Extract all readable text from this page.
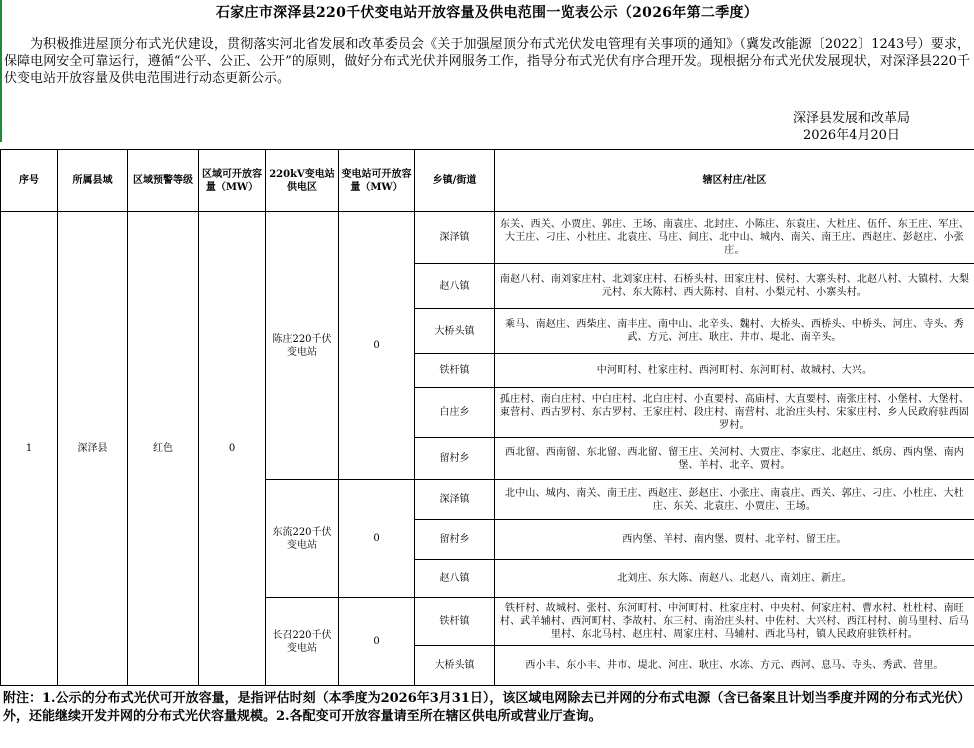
石家庄市深泽县220千伏变电站开放容量及供电范围一览表公示（2026年第二季度）
为积极推进屋顶分布式光伏建设，贯彻落实河北省发展和改革委员会《关于加强屋顶分布式光伏发电管理有关事项的通知》（冀发改能源〔2022〕1243号）要求，保障电网安全可靠运行，遵循“公平、公正、公开”的原则，做好分布式光伏并网服务工作，指导分布式光伏有序合理开发。现根据分布式光伏发展现状，对深泽县220千伏变电站开放容量及供电范围进行动态更新公示。
深泽县发展和改革局
2026年4月20日
序号	所属县域	区域预警等级	区域可开放容量（MW）	220kV变电站供电区	变电站可开放容量（MW）	乡镇/街道	辖区村庄/社区
1	深泽县	红色	0	陈庄220千伏变电站	0	深泽镇	东关、西关、小贾庄、郭庄、王场、南袁庄、北封庄、小陈庄、东袁庄、大杜庄、伍仟、东王庄、军庄、大王庄、刁庄、小杜庄、北袁庄、马庄、间庄、北中山、城内、南关、南王庄、西赵庄、彭赵庄、小张庄。
						赵八镇	南赵八村、南刘家庄村、北刘家庄村、石桥头村、田家庄村、侯村、大寨头村、北赵八村、大镇村、大梨元村、东大陈村、西大陈村、自村、小梨元村、小寨头村。
						大桥头镇	乘马、南赵庄、西柴庄、南丰庄、南中山、北辛头、魏村、大桥头、西桥头、中桥头、河庄、寺头、秀武、方元、河庄、耿庄、井市、堤北、南辛头。
						铁杆镇	中河町村、杜家庄村、西河町村、东河町村、故城村、大兴。
						白庄乡	孤庄村、南白庄村、中白庄村、北白庄村、小直要村、高庙村、大直要村、南张庄村、小堡村、大堡村、東营村、西古罗村、东古罗村、王家庄村、段庄村、南营村、北治庄头村、宋家庄村、乡人民政府驻西固罗村。
						留村乡	西北留、西南留、东北留、西北留、留王庄、关河村、大贾庄、李家庄、北赵庄、纸房、西内堡、南内堡、羊村、北辛、贾村。
				东流220千伏变电站	0	深泽镇	北中山、城内、南关、南王庄、西赵庄、彭赵庄、小张庄、南袁庄、西关、郭庄、刁庄、小杜庄、大杜庄、东关、北袁庄、小贾庄、王场。
						留村乡	西内堡、羊村、南内堡、贾村、北辛村、留王庄。
						赵八镇	北刘庄、东大陈、南赵八、北赵八、南刘庄、新庄。
				长召220千伏变电站	0	铁杆镇	铁杆村、故城村、张村、东河町村、中河町村、杜家庄村、中央村、何家庄村、曹水村、杜杜村、南旺村、武羊辅村、西河町村、李故村、东三村、南治庄头村、中佐村、大兴村、西江村村、前马里村、后马里村、东北马村、赵庄村、周家庄村、马辅村、西北马村，镇人民政府驻铁杆村。
						大桥头镇	西小丰、东小丰、井市、堤北、河庄、耿庄、水冻、方元、西河、息马、寺头、秀武、营里。
附注：1.公示的分布式光伏可开放容量，是指评估时刻（本季度为2026年3月31日），该区域电网除去已并网的分布式电源（含已备案且计划当季度并网的分布式光伏）外，还能继续开发并网的分布式光伏容量规模。2.各配变可开放容量请至所在辖区供电所或营业厅查询。
